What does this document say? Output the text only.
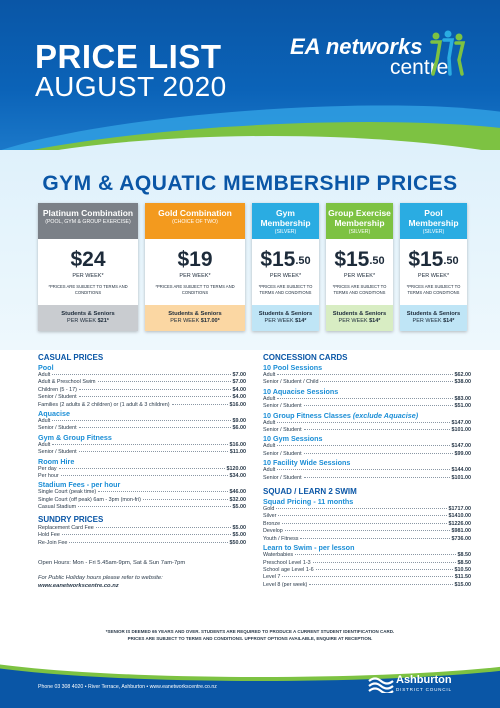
PRICE LIST
AUGUST 2020
EA networks
centre
GYM & AQUATIC MEMBERSHIP PRICES
Platinum Combination
(POOL, GYM & GROUP EXERCISE)
$24
PER WEEK*
*PRICES ARE SUBJECT TO TERMS AND CONDITIONS
Students & Seniors
PER WEEK $21*
Gold Combination
(CHOICE OF TWO)
$19
PER WEEK*
*PRICES ARE SUBJECT TO TERMS AND CONDITIONS
Students & Seniors
PER WEEK $17.00*
Gym Membership
(SILVER)
$\$15^{.50}$
PER WEEK*
*PRICES ARE SUBJECT TO TERMS AND CONDITIONS
Students & Seniors
PER WEEK $14*
Group Exercise Membership
(SILVER)
$\$15^{.50}$
PER WEEK*
*PRICES ARE SUBJECT TO TERMS AND CONDITIONS
Students & Seniors
PER WEEK $14*
Pool Membership
(SILVER)
$\$15^{.50}$
PER WEEK*
*PRICES ARE SUBJECT TO TERMS AND CONDITIONS
Students & Seniors
PER WEEK $14*
CASUAL PRICES
Pool
Adult	$7.00
Adult & Preschool Swim	$7.00
Children (5 - 17)	$4.00
Senior / Student	$4.00
Families (2 adults & 2 children) or (1 adult & 3 children)	$16.00
Aquacise
Adult	$9.00
Senior / Student	$6.00
Gym & Group Fitness
Adult	$16.00
Senior / Student	$11.00
Room Hire
Per day	$120.00
Per hour	$34.00
Stadium Fees - per hour
Single Court (peak time)	$46.00
Single Court (off peak) 6am - 3pm (mon-fri)	$32.00
Casual Stadium	$5.00
SUNDRY PRICES
Replacement Card Fee	$5.00
Hold Fee	$5.00
Re-Join Fee	$50.00
Open Hours: Mon - Fri 5.45am-9pm, Sat & Sun 7am-7pm
For Public Holiday hours please refer to website:
www.eanetworkscentre.co.nz
CONCESSION CARDS
10 Pool Sessions
Adult	$62.00
Senior / Student / Child	$38.00
10 Aquacise Sessions
Adult	$83.00
Senior / Student	$51.00
10 Group Fitness Classes (exclude Aquacise)
Adult	$147.00
Senior / Student	$101.00
10 Gym Sessions
Adult	$147.00
Senior / Student	$99.00
10 Facility Wide Sessions
Adult	$144.00
Senior / Student	$101.00
SQUAD / LEARN 2 SWIM
Squad Pricing - 11 months
Gold	$1717.00
Silver	$1410.00
Bronze	$1226.00
Develop	$981.00
Youth / Fitness	$736.00
Learn to Swim - per lesson
Waterbabies	$8.50
Preschool Level 1-3	$8.50
School age Level 1-6	$10.50
Level 7	$11.50
Level 8 (per week)	$15.00
*SENIOR IS DEEMED 65 YEARS AND OVER. STUDENTS ARE REQUIRED TO PRODUCE A CURRENT STUDENT IDENTIFICATION CARD.
PRICES ARE SUBJECT TO TERMS AND CONDITIONS. UPFRONT OPTIONS AVAILABLE, ENQUIRE AT RECEPTION.
Phone 03 308 4020 • River Terrace, Ashburton • www.eanetworkscentre.co.nz
Ashburton
DISTRICT COUNCIL
